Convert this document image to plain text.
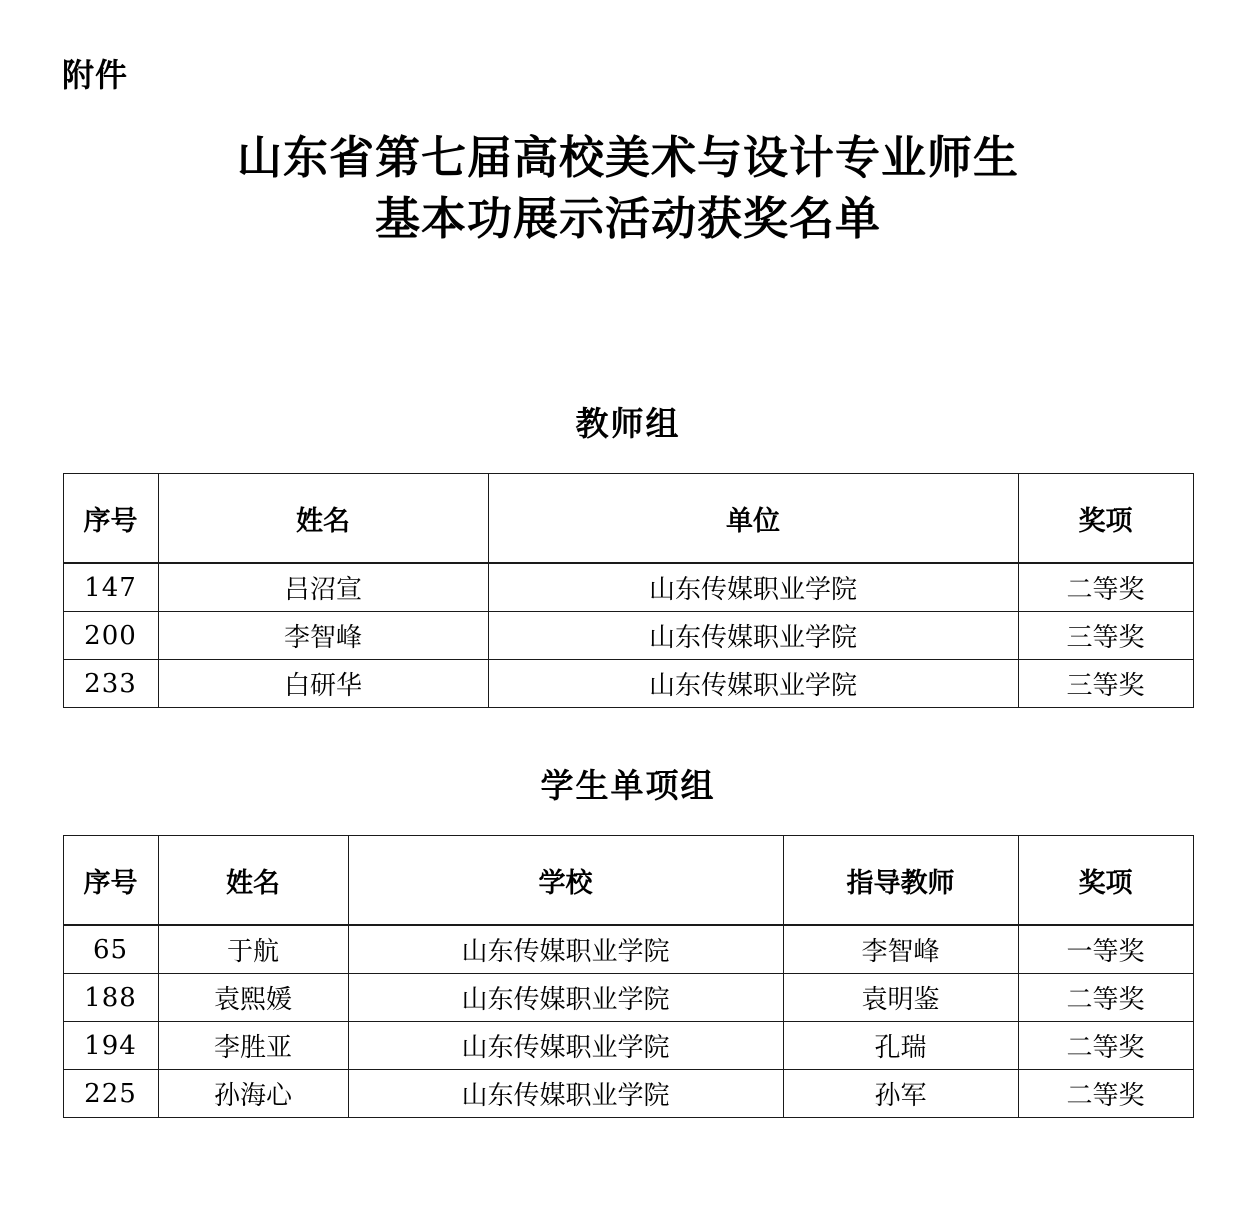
附件
山东省第七届高校美术与设计专业师生
基本功展示活动获奖名单
教师组
序号	姓名	单位	奖项
147	吕沼宣	山东传媒职业学院	二等奖
200	李智峰	山东传媒职业学院	三等奖
233	白研华	山东传媒职业学院	三等奖
学生单项组
序号	姓名	学校	指导教师	奖项
65	于航	山东传媒职业学院	李智峰	一等奖
188	袁熙媛	山东传媒职业学院	袁明鉴	二等奖
194	李胜亚	山东传媒职业学院	孔瑞	二等奖
225	孙海心	山东传媒职业学院	孙军	二等奖
